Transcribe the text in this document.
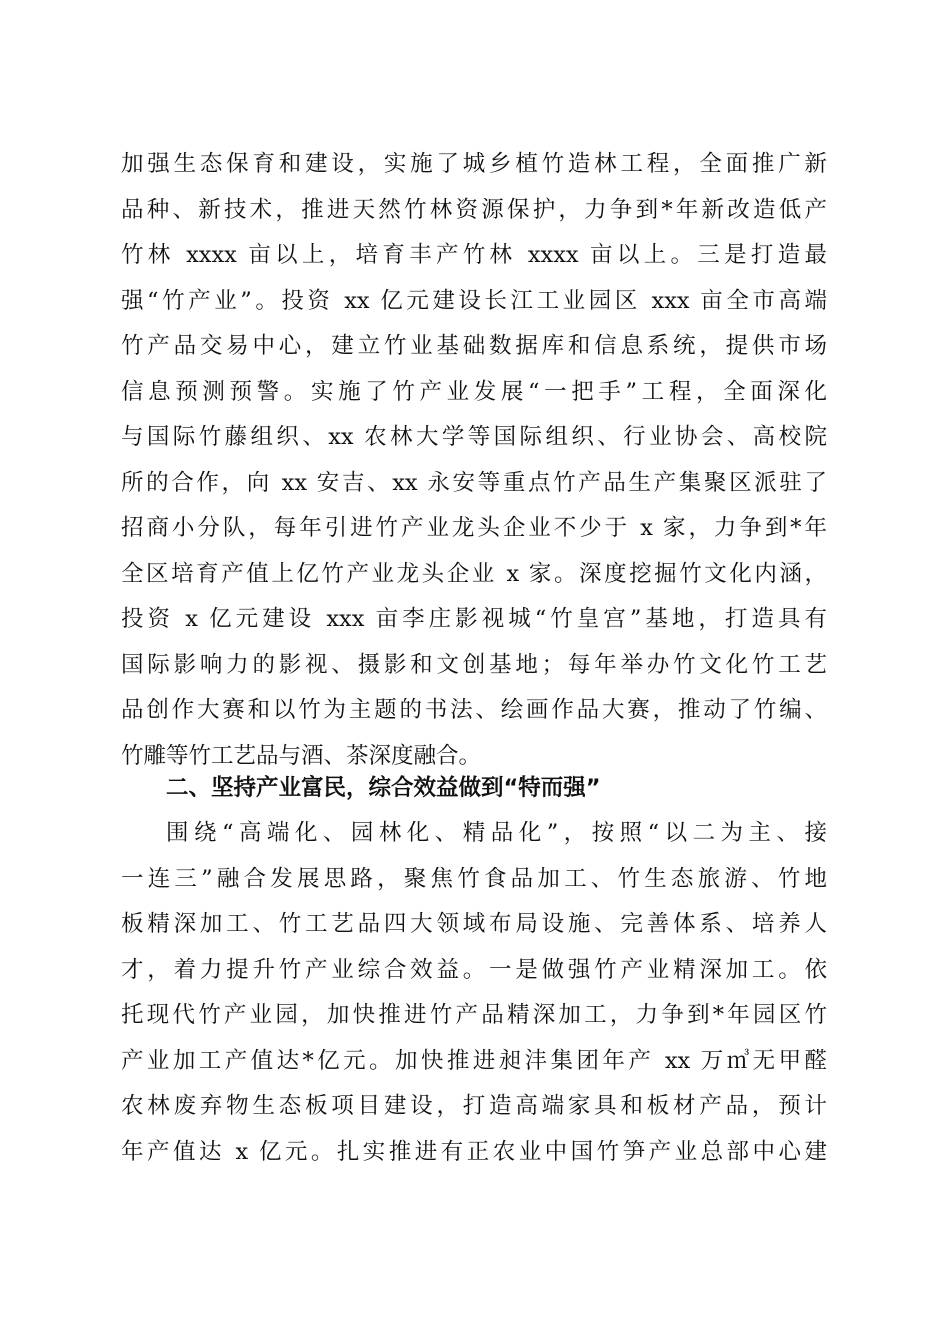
加强生态保育和建设，实施了城乡植竹造林工程，全面推广新
品种、新技术，推进天然竹林资源保护，力争到*年新改造低产
竹林 xxxx 亩以上，培育丰产竹林 xxxx 亩以上。三是打造最
强“竹产业”。投资 xx 亿元建设长江工业园区 xxx 亩全市高端
竹产品交易中心，建立竹业基础数据库和信息系统，提供市场
信息预测预警。实施了竹产业发展“一把手”工程，全面深化
与国际竹藤组织、xx 农林大学等国际组织、行业协会、高校院
所的合作，向 xx 安吉、xx 永安等重点竹产品生产集聚区派驻了
招商小分队，每年引进竹产业龙头企业不少于 x 家，力争到*年
全区培育产值上亿竹产业龙头企业 x 家。深度挖掘竹文化内涵，
投资 x 亿元建设 xxx 亩李庄影视城“竹皇宫”基地，打造具有
国际影响力的影视、摄影和文创基地；每年举办竹文化竹工艺
品创作大赛和以竹为主题的书法、绘画作品大赛，推动了竹编、
竹雕等竹工艺品与酒、茶深度融合。
二、坚持产业富民，综合效益做到“特而强”
围绕“高端化、园林化、精品化”，按照“以二为主、接
一连三”融合发展思路，聚焦竹食品加工、竹生态旅游、竹地
板精深加工、竹工艺品四大领域布局设施、完善体系、培养人
才，着力提升竹产业综合效益。一是做强竹产业精深加工。依
托现代竹产业园，加快推进竹产品精深加工，力争到*年园区竹
产业加工产值达*亿元。加快推进昶沣集团年产 xx 万㎥无甲醛
农林废弃物生态板项目建设，打造高端家具和板材产品，预计
年产值达 x 亿元。扎实推进有正农业中国竹笋产业总部中心建
